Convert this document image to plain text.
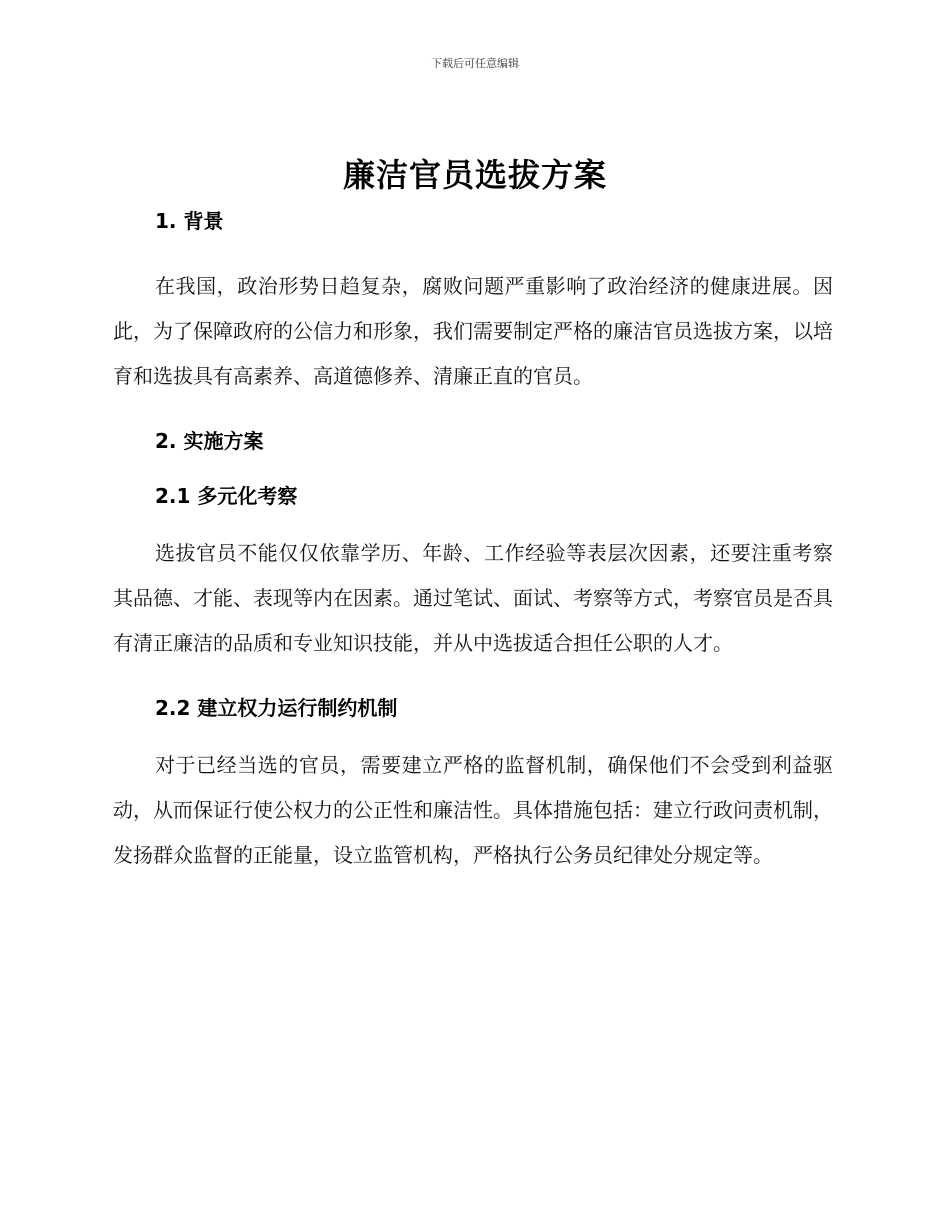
下载后可任意编辑
廉洁官员选拔方案
1. 背景

在我国，政治形势日趋复杂，腐败问题严重影响了政治经济的健康进展。因此，为了保障政府的公信力和形象，我们需要制定严格的廉洁官员选拔方案，以培育和选拔具有高素养、高道德修养、清廉正直的官员。

2. 实施方案
2.1 多元化考察

选拔官员不能仅仅依靠学历、年龄、工作经验等表层次因素，还要注重考察其品德、才能、表现等内在因素。通过笔试、面试、考察等方式，考察官员是否具有清正廉洁的品质和专业知识技能，并从中选拔适合担任公职的人才。

2.2 建立权力运行制约机制

对于已经当选的官员，需要建立严格的监督机制，确保他们不会受到利益驱动，从而保证行使公权力的公正性和廉洁性。具体措施包括：建立行政问责机制，发扬群众监督的正能量，设立监管机构，严格执行公务员纪律处分规定等。
